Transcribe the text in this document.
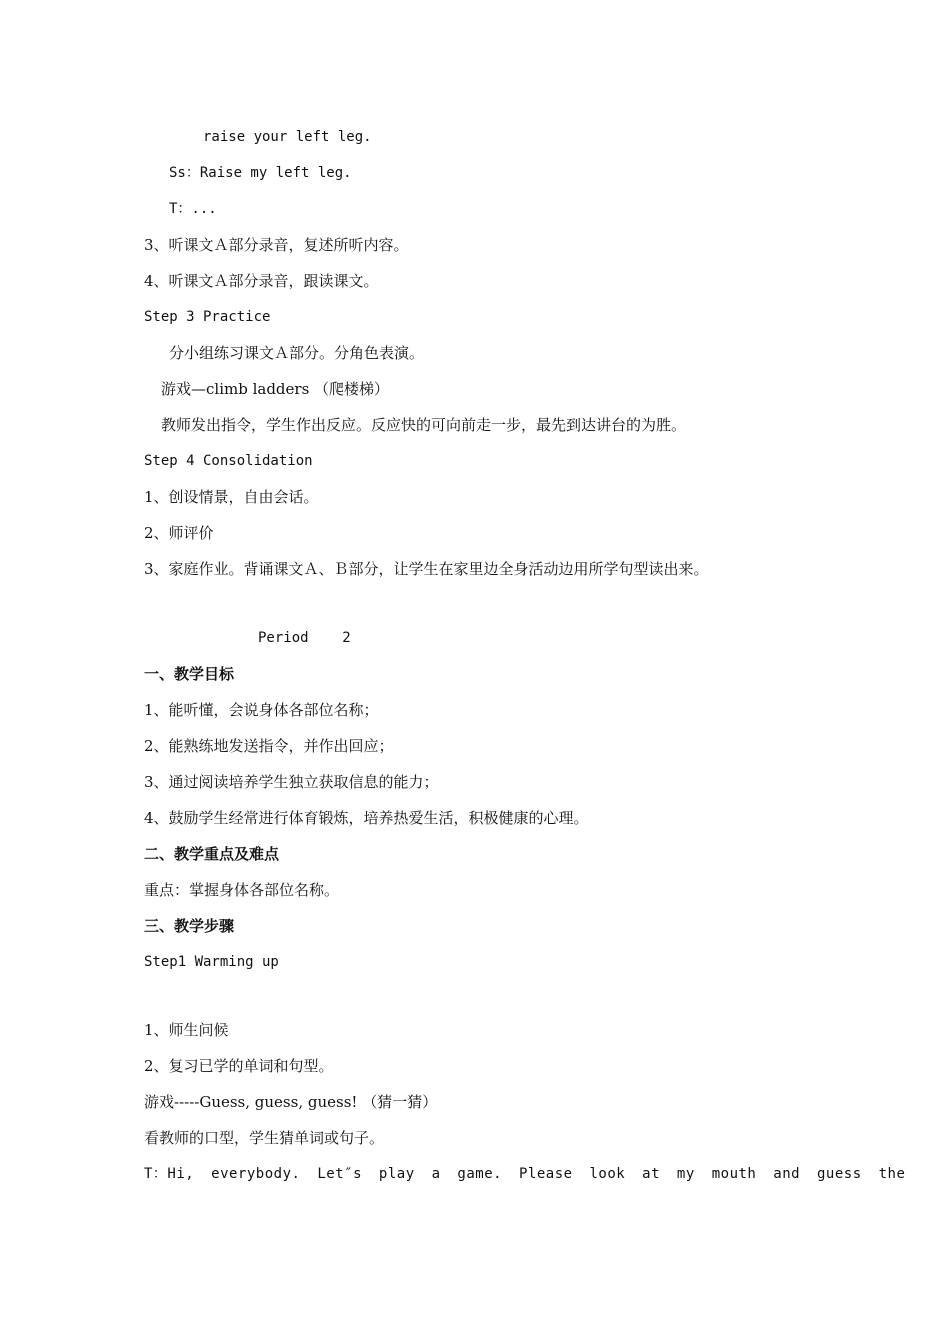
raise your left leg.
Ss：Raise my left leg.
T：...
3、听课文Ａ部分录音，复述所听内容。
4、听课文Ａ部分录音，跟读课文。
Step 3 Practice
分小组练习课文Ａ部分。分角色表演。
游戏—climb ladders （爬楼梯）
教师发出指令，学生作出反应。反应快的可向前走一步，最先到达讲台的为胜。
Step 4 Consolidation
1、创设情景，自由会话。
2、师评价
3、家庭作业。背诵课文Ａ、Ｂ部分，让学生在家里边全身活动边用所学句型读出来。
Period    2
一、教学目标
1、能听懂，会说身体各部位名称；
2、能熟练地发送指令，并作出回应；
3、通过阅读培养学生独立获取信息的能力；
4、鼓励学生经常进行体育锻炼，培养热爱生活，积极健康的心理。
二、教学重点及难点
重点：掌握身体各部位名称。
三、教学步骤
Step1 Warming up
1、师生问候
2、复习已学的单词和句型。
游戏-----Guess, guess, guess! （猜一猜）
看教师的口型，学生猜单词或句子。
T：Hi, everybody. Let″s play a game. Please look at my mouth and guess the
